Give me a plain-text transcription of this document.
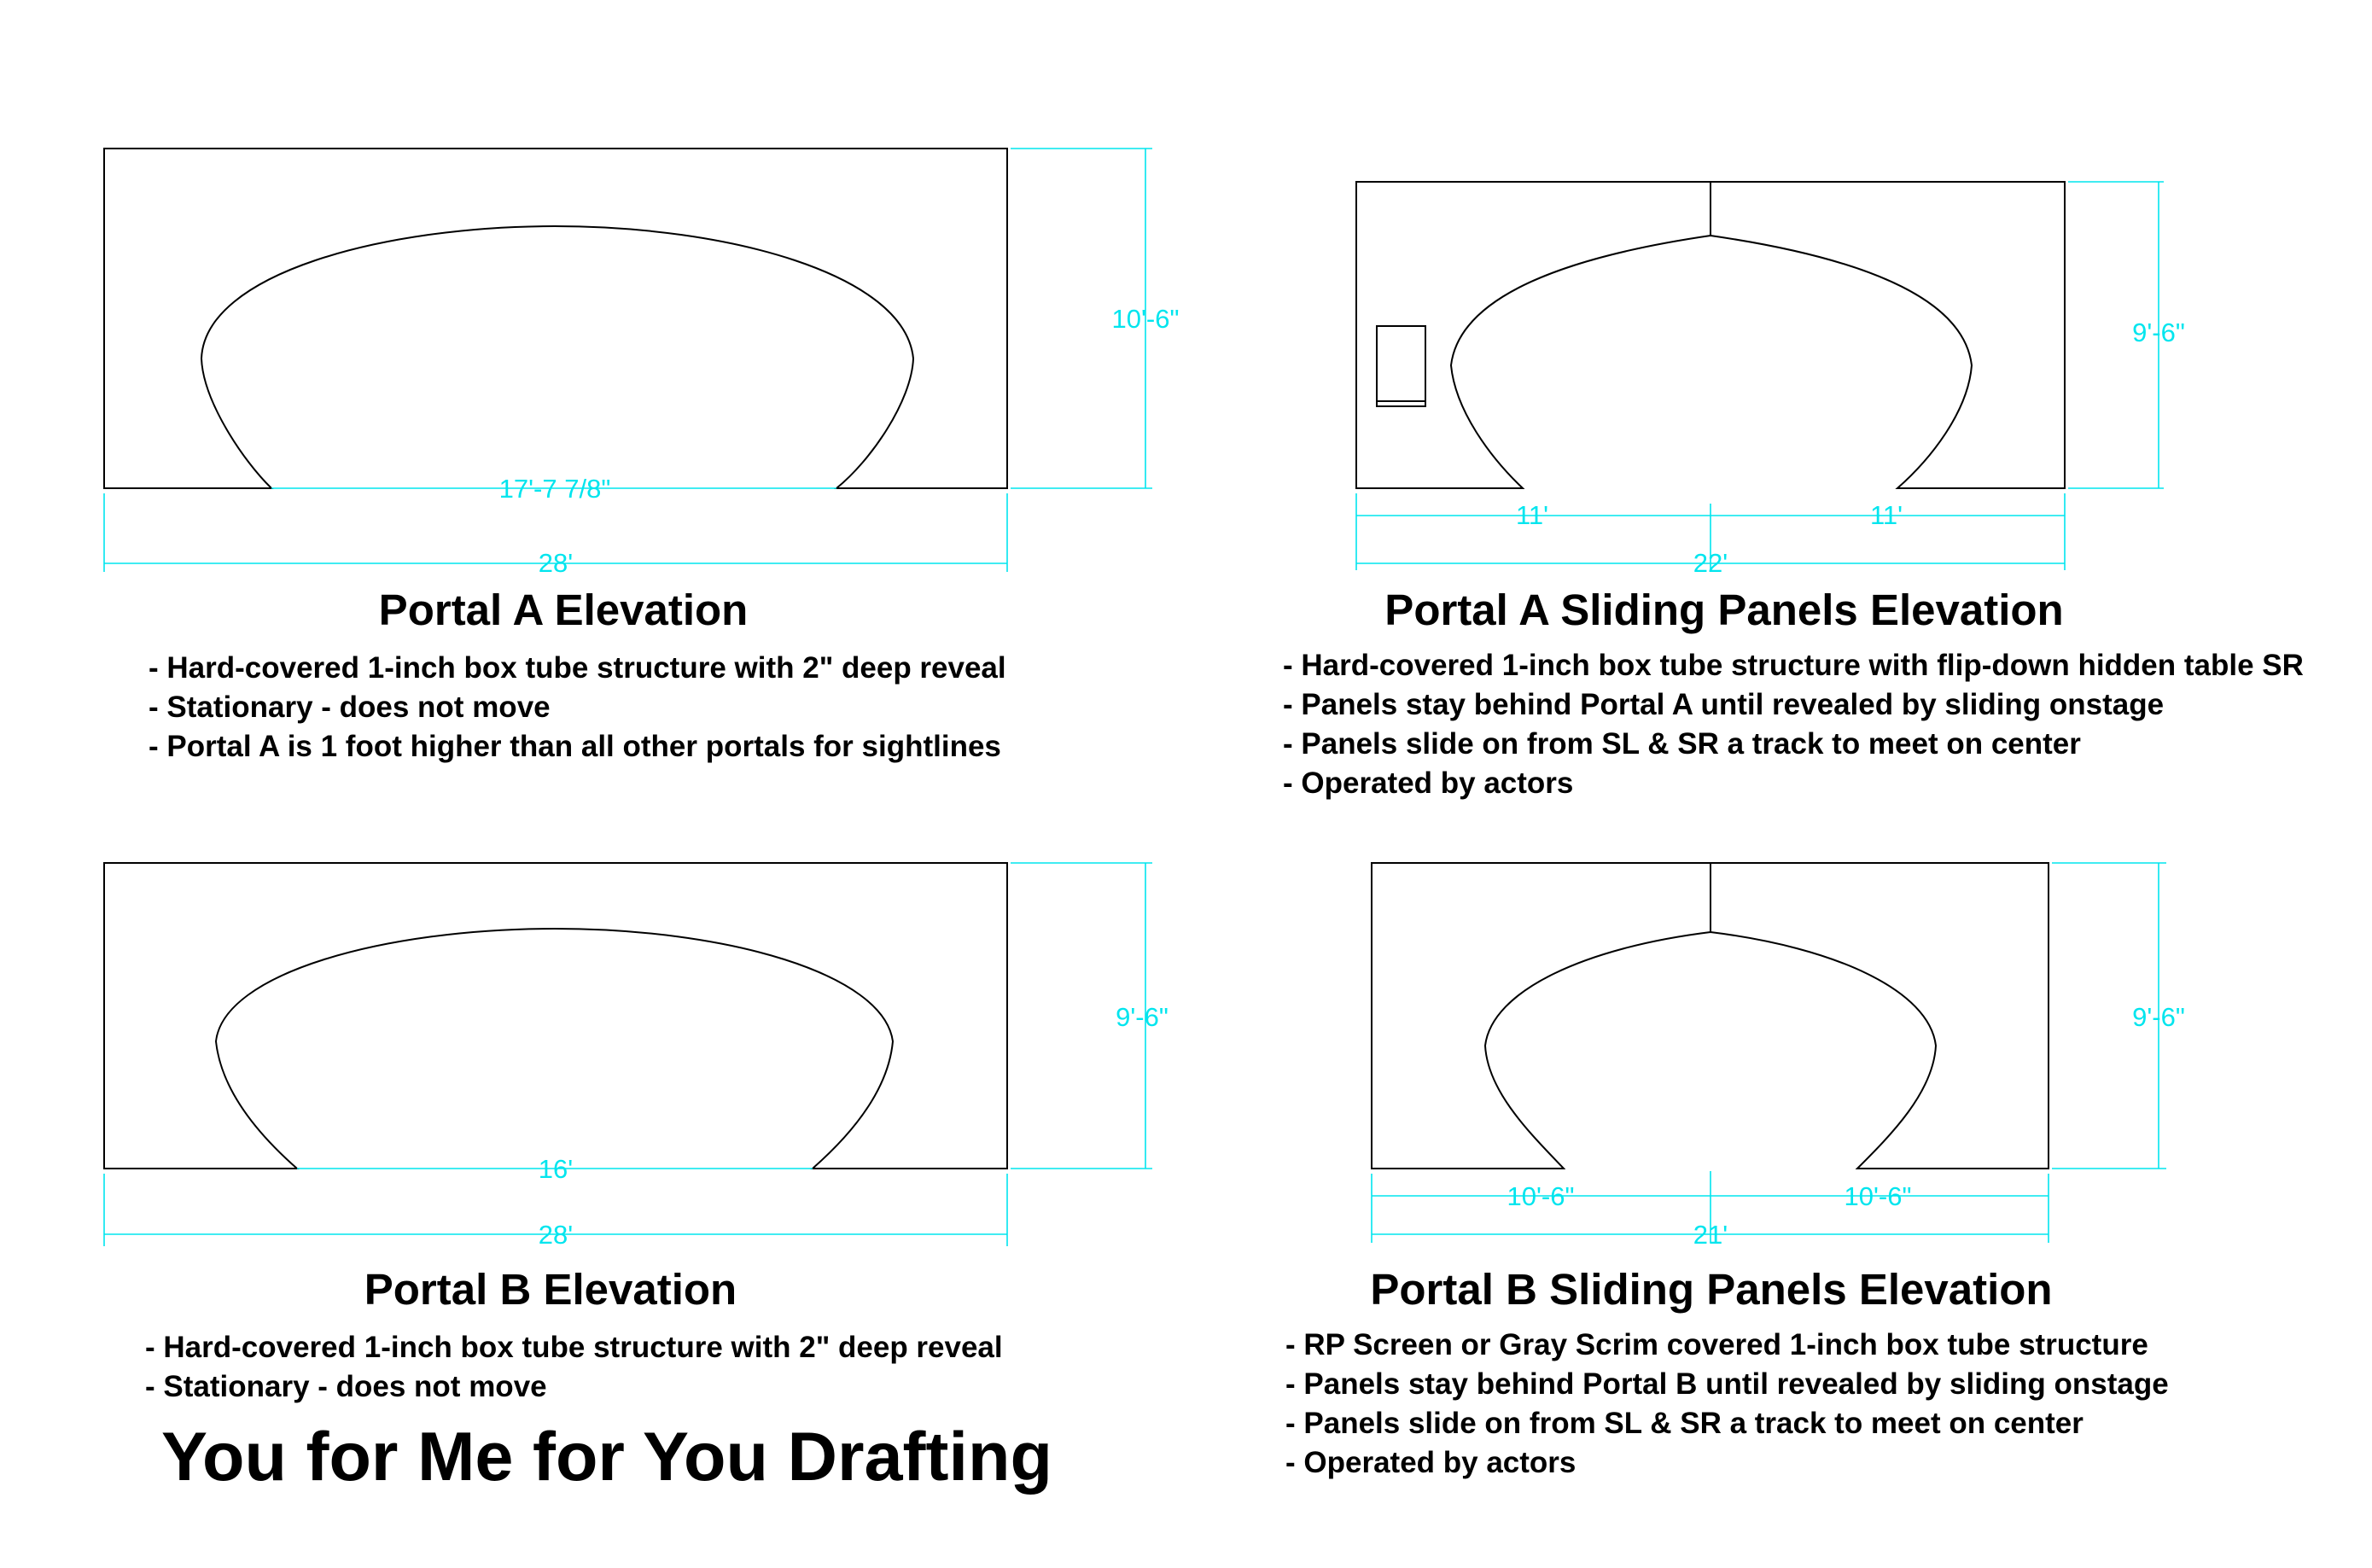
10'-6"
17'-7 7/8"
28'
Portal A Elevation
- Hard-covered 1-inch box tube structure with 2" deep reveal
- Stationary - does not move
- Portal A is 1 foot higher than all other portals for sightlines
9'-6"
11'	11'
22'
Portal A Sliding Panels Elevation
- Hard-covered 1-inch box tube structure with flip-down hidden table SR
- Panels stay behind Portal A until revealed by sliding onstage
- Panels slide on from SL & SR a track to meet on center
- Operated by actors
9'-6"
16'
28'
Portal B Elevation
- Hard-covered 1-inch box tube structure with 2" deep reveal
- Stationary - does not move
9'-6"
10'-6"	10'-6"
21'
Portal B Sliding Panels Elevation
- RP Screen or Gray Scrim covered 1-inch box tube structure
- Panels stay behind Portal B until revealed by sliding onstage
- Panels slide on from SL & SR a track to meet on center
- Operated by actors
You for Me for You Drafting
